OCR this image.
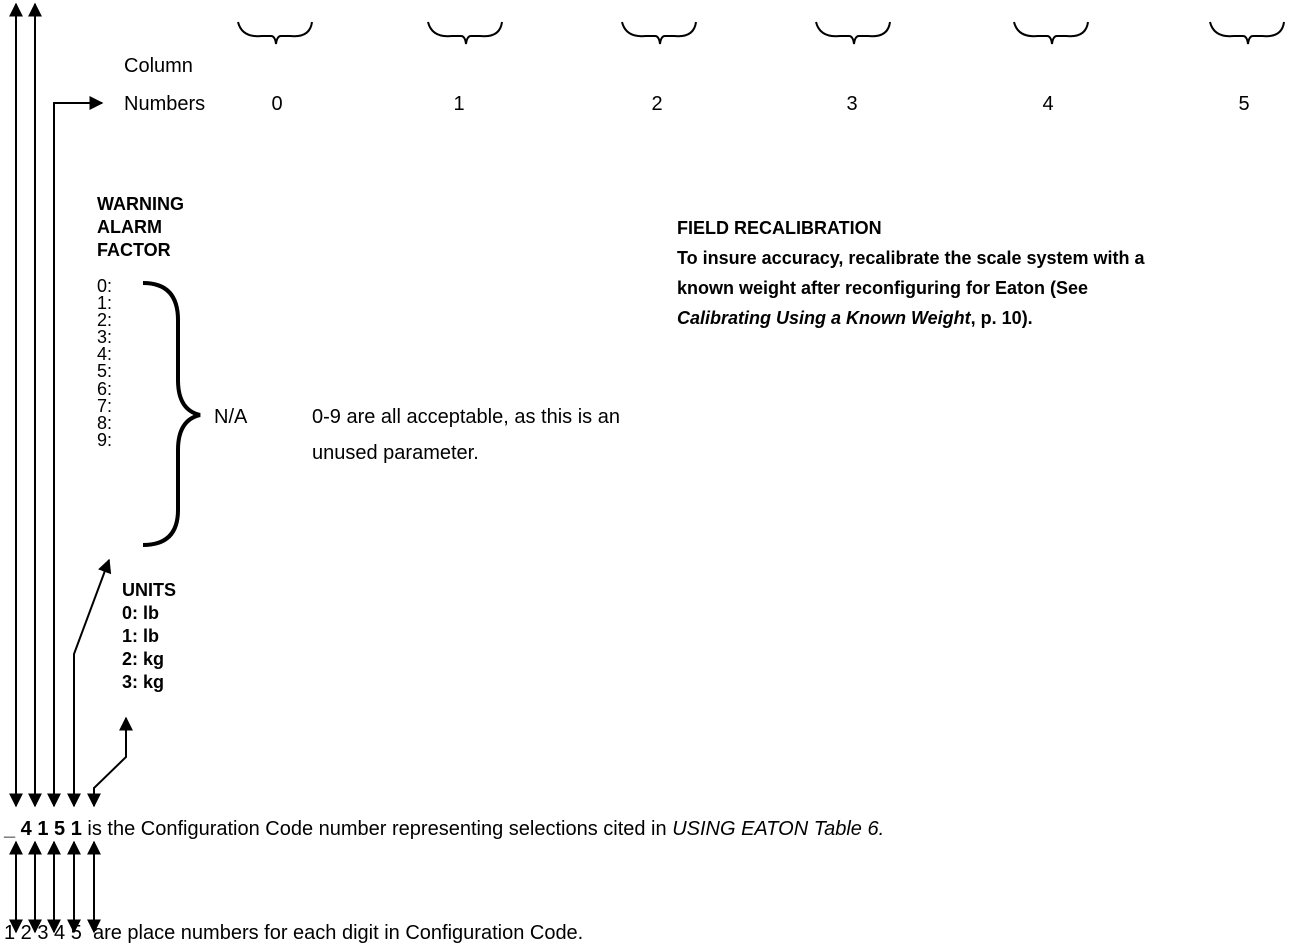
Column
Numbers	0	1	2	3	4	5
WARNING
ALARM
FACTOR
0:
1:
2:
3:
4:
5:
6:
7:
8:
9:
N/A	0-9 are all acceptable, as this is an
unused parameter.
UNITS
0: lb
1: lb
2: kg
3: kg
FIELD RECALIBRATION
To insure accuracy, recalibrate the scale system with a
known weight after reconfiguring for Eaton (See
Calibrating Using a Known Weight, p. 10).
_ 4 1 5 1 is the Configuration Code number representing selections cited in USING EATON Table 6.
1 2 3 4 5  are place numbers for each digit in Configuration Code.
